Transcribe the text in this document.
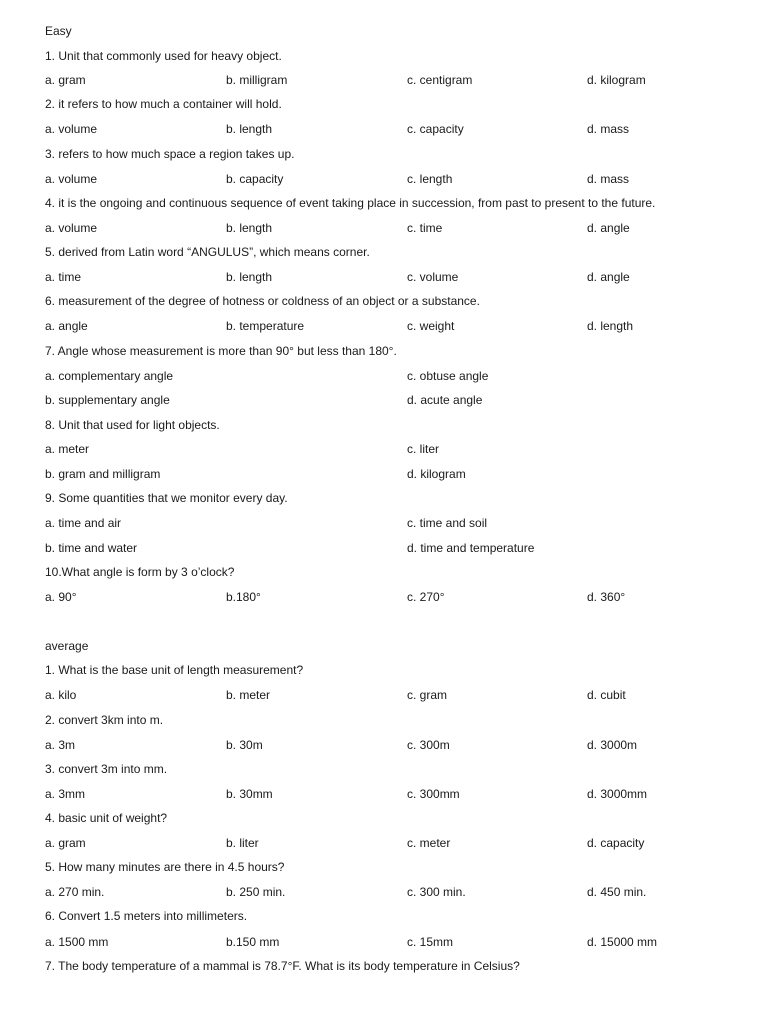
Easy
1. Unit that commonly used for heavy object.
a. gram	b. milligram	c. centigram	d. kilogram
2. it refers to how much a container will hold.
a. volume	b. length	c. capacity	d. mass
3. refers to how much space a region takes up.
a. volume	b. capacity	c. length	d. mass
4. it is the ongoing and continuous sequence of event taking place in succession, from past to present to the future.
a. volume	b. length	c. time	d. angle
5. derived from Latin word “ANGULUS”, which means corner.
a. time	b. length	c. volume	d. angle
6. measurement of the degree of hotness or coldness of an object or a substance.
a. angle	b. temperature	c. weight	d. length
7. Angle whose measurement is more than 90° but less than 180°.
a. complementary angle	c. obtuse angle
b. supplementary angle	d. acute angle
8. Unit that used for light objects.
a. meter	c. liter
b. gram and milligram	d. kilogram
9. Some quantities that we monitor every day.
a. time and air	c. time and soil
b. time and water	d. time and temperature
10.What angle is form by 3 o’clock?
a. 90°	b.180°	c. 270°	d. 360°
average
1. What is the base unit of length measurement?
a. kilo	b. meter	c. gram	d. cubit
2. convert 3km into m.
a. 3m	b. 30m	c. 300m	d. 3000m
3. convert 3m into mm.
a. 3mm	b. 30mm	c. 300mm	d. 3000mm
4. basic unit of weight?
a. gram	b. liter	c. meter	d. capacity
5. How many minutes are there in 4.5 hours?
a. 270 min.	b. 250 min.	c. 300 min.	d. 450 min.
6. Convert 1.5 meters into millimeters.
a. 1500 mm	b.150 mm	c. 15mm	d. 15000 mm
7. The body temperature of a mammal is 78.7°F. What is its body temperature in Celsius?
